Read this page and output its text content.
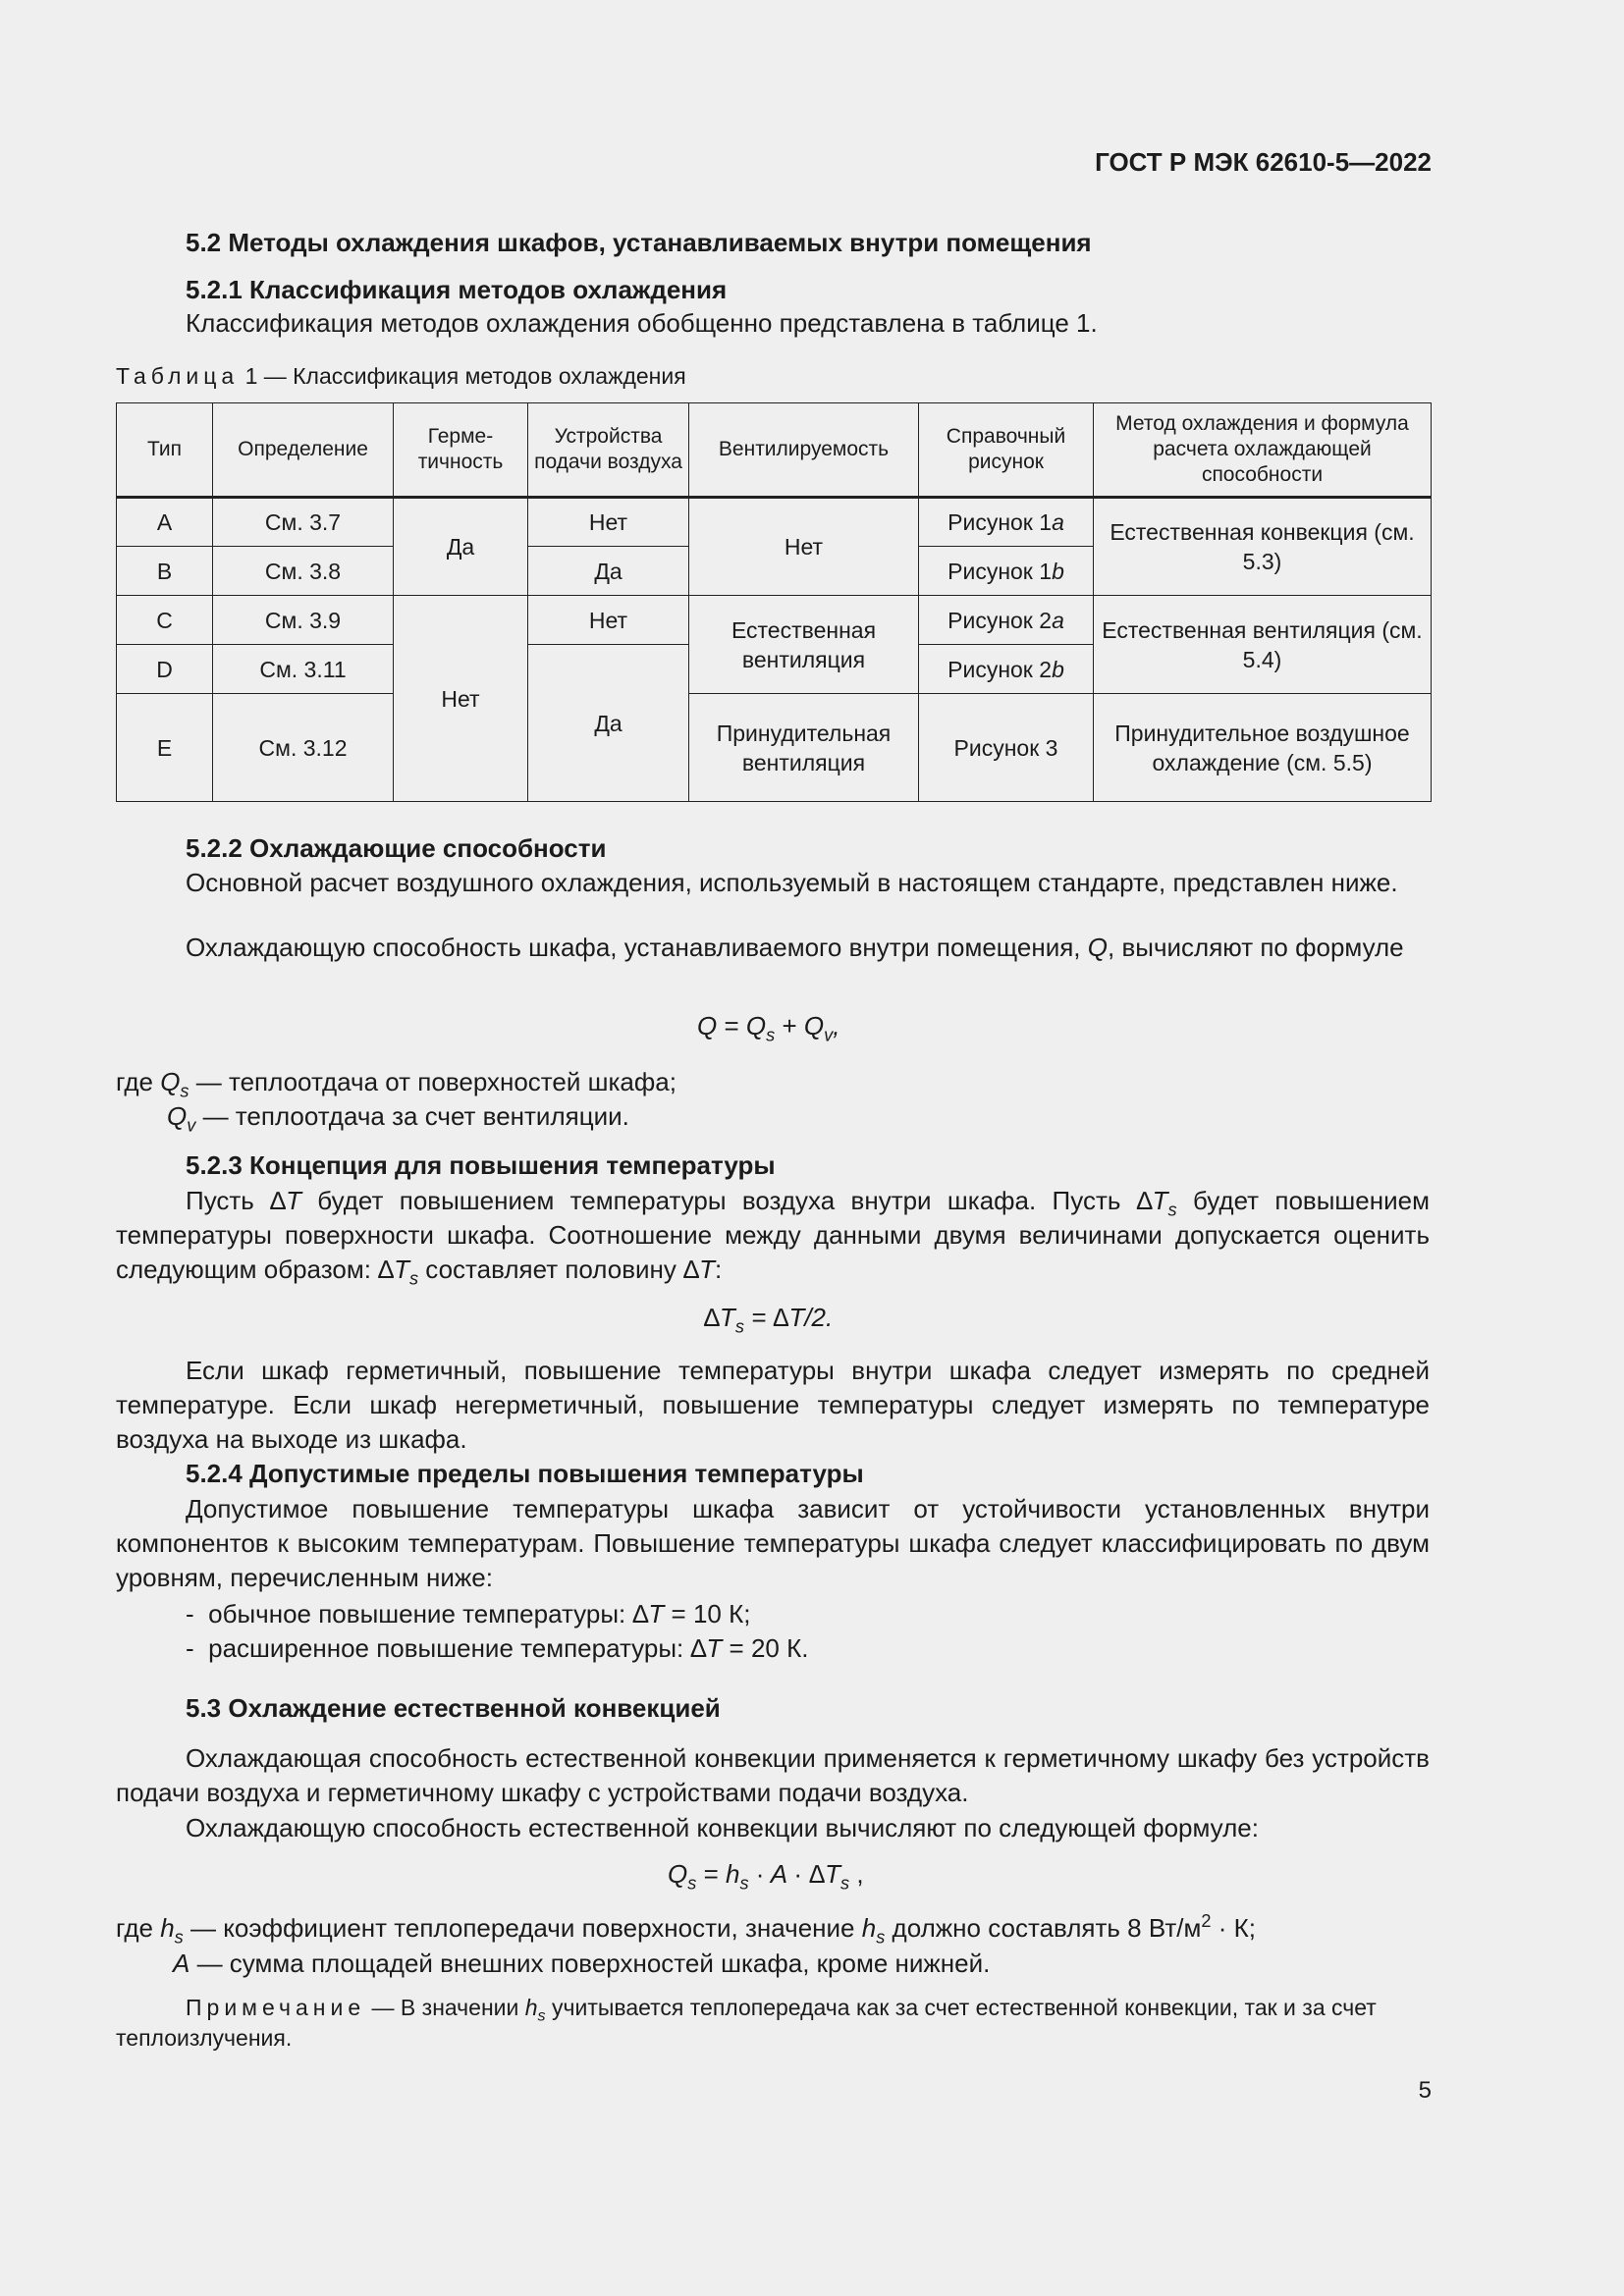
ГОСТ Р МЭК 62610-5—2022
5.2 Методы охлаждения шкафов, устанавливаемых внутри помещения
5.2.1 Классификация методов охлаждения
Классификация методов охлаждения обобщенно представлена в таблице 1.
Таблица 1 — Классификация методов охлаждения
Тип	Определение	Герме-тичность	Устройства подачи воздуха	Вентилируемость	Справочный рисунок	Метод охлаждения и формула расчета охлаждающей способности
A	См. 3.7	Да	Нет	Нет	Рисунок 1a	Естественная конвекция (см. 5.3)
B	См. 3.8		Да		Рисунок 1b	
C	См. 3.9	Нет	Нет	Естественная вентиляция	Рисунок 2a	Естественная вентиляция (см. 5.4)
D	См. 3.11		Да		Рисунок 2b	
E	См. 3.12			Принудительная вентиляция	Рисунок 3	Принудительное воздушное охлаждение (см. 5.5)
5.2.2 Охлаждающие способности
Основной расчет воздушного охлаждения, используемый в настоящем стандарте, представлен ниже.
Охлаждающую способность шкафа, устанавливаемого внутри помещения, Q, вычисляют по формуле
$Q = Q_s + Q_v$,
где $Q_s$ — теплоотдача от поверхностей шкафа;
$Q_v$ — теплоотдача за счет вентиляции.
5.2.3 Концепция для повышения температуры
Пусть ∆T будет повышением температуры воздуха внутри шкафа. Пусть $\Delta T_s$ будет повышением температуры поверхности шкафа. Соотношение между данными двумя величинами допускается оценить следующим образом: $\Delta T_s$ составляет половину ∆T:
$\Delta T_s = \Delta T/2$.
Если шкаф герметичный, повышение температуры внутри шкафа следует измерять по средней температуре. Если шкаф негерметичный, повышение температуры следует измерять по температуре воздуха на выходе из шкафа.
5.2.4 Допустимые пределы повышения температуры
Допустимое повышение температуры шкафа зависит от устойчивости установленных внутри компонентов к высоким температурам. Повышение температуры шкафа следует классифицировать по двум уровням, перечисленным ниже:
- обычное повышение температуры: ∆T = 10 К;
- расширенное повышение температуры: ∆T = 20 К.
5.3 Охлаждение естественной конвекцией
Охлаждающая способность естественной конвекции применяется к герметичному шкафу без устройств подачи воздуха и герметичному шкафу с устройствами подачи воздуха.
Охлаждающую способность естественной конвекции вычисляют по следующей формуле:
$Q_s = h_s \cdot A \cdot \Delta T_s$ ,
где $h_s$ — коэффициент теплопередачи поверхности, значение $h_s$ должно составлять 8 $Вт/м^2 \cdot К$;
A — сумма площадей внешних поверхностей шкафа, кроме нижней.
Примечание — В значении $h_s$ учитывается теплопередача как за счет естественной конвекции, так и за счет теплоизлучения.
5
